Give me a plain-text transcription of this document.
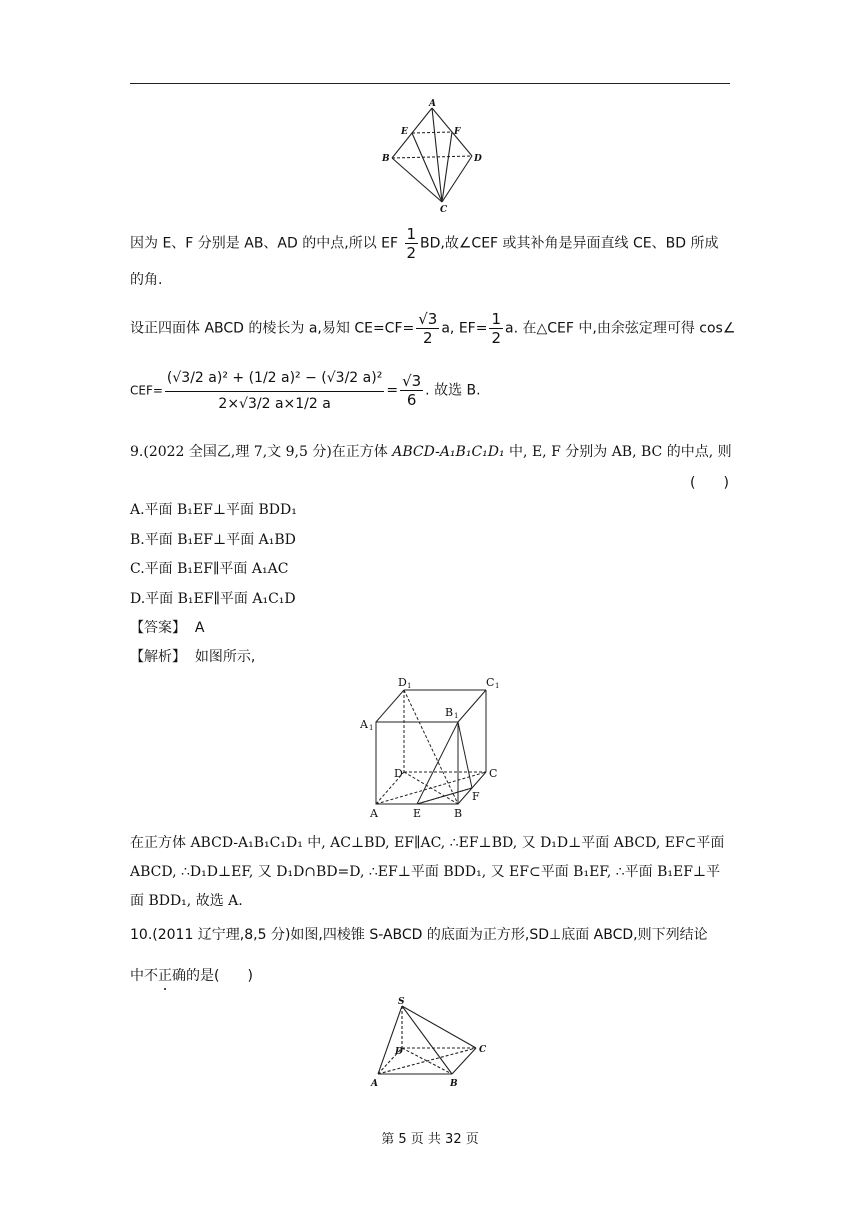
A
E	F
B	D
C
因为 E、F 分别是 AB、AD 的中点,所以 EF $\frac{1}{2}$ BD,故∠CEF 或其补角是异面直线 CE、BD 所成
的角.
设正四面体 ABCD 的棱长为 a,易知 $CE=CF= \frac{√3}{2} a$, $EF= \frac{1}{2} a$. 在△CEF 中,由余弦定理可得 cos∠
$CEF= \frac{\text{(√3/2 a)² + (1/2 a)² − (√3/2 a)²}}{2\times√3/2 a\times 1/2 a} = \frac{√3}{6}$ . 故选 B.
9.(2022 全国乙,理 7,文 9,5 分)在正方体 ABCD-A₁B₁C₁D₁ 中, E, F 分别为 AB, BC 的中点, 则
(　　)
A.平面 B₁EF⊥平面 BDD₁
B.平面 B₁EF⊥平面 A₁BD
C.平面 B₁EF∥平面 A₁AC
D.平面 B₁EF∥平面 A₁C₁D
【答案】 A
【解析】 如图所示,
D 1	C 1
A 1
B 1
D	C
A	E	B
F
在正方体 ABCD-A₁B₁C₁D₁ 中, AC⊥BD, EF∥AC, ∴EF⊥BD, 又 D₁D⊥平面 ABCD, EF⊂平面
ABCD, ∴D₁D⊥EF, 又 D₁D∩BD=D, ∴EF⊥平面 BDD₁, 又 EF⊂平面 B₁EF, ∴平面 B₁EF⊥平
面 BDD₁, 故选 A.
10.(2011 辽宁理,8,5 分)如图,四棱锥 S-ABCD 的底面为正方形,SD⊥底面 ABCD,则下列结论
中不正确的是(　　)
S
D	C
A	B
第 5 页 共 32 页
